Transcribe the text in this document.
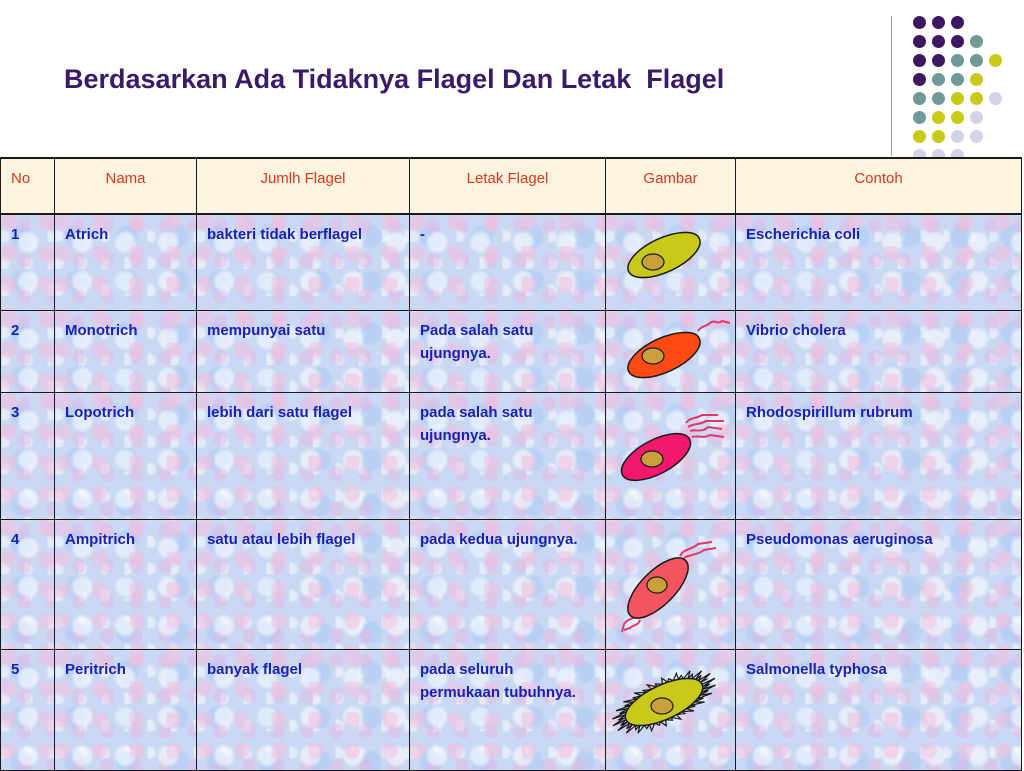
Berdasarkan Ada Tidaknya Flagel Dan Letak  Flagel
No	Nama	Jumlh Flagel	Letak Flagel	Gambar	Contoh
1	Atrich	bakteri tidak berflagel	-		Escherichia coli
2	Monotrich	mempunyai satu	Pada salah satu ujungnya.		Vibrio cholera
3	Lopotrich	lebih dari satu flagel	pada salah satu ujungnya.		Rhodospirillum rubrum
4	Ampitrich	satu atau lebih flagel	pada kedua ujungnya.		Pseudomonas aeruginosa
5	Peritrich	banyak flagel	pada seluruh permukaan tubuhnya.		Salmonella typhosa
